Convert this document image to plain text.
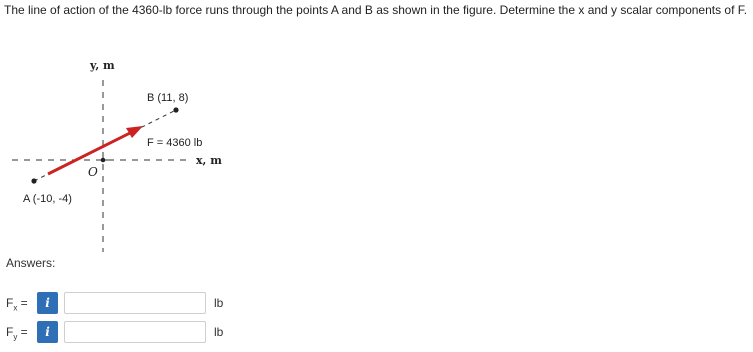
The line of action of the 4360-lb force runs through the points A and B as shown in the figure. Determine the x and y scalar components of F.

y, m
x, m
O
B (11, 8)
F = 4360 lb
A (-10, -4)
Answers:
$F_x$ =	i	lb
$F_y$ =	i	lb
